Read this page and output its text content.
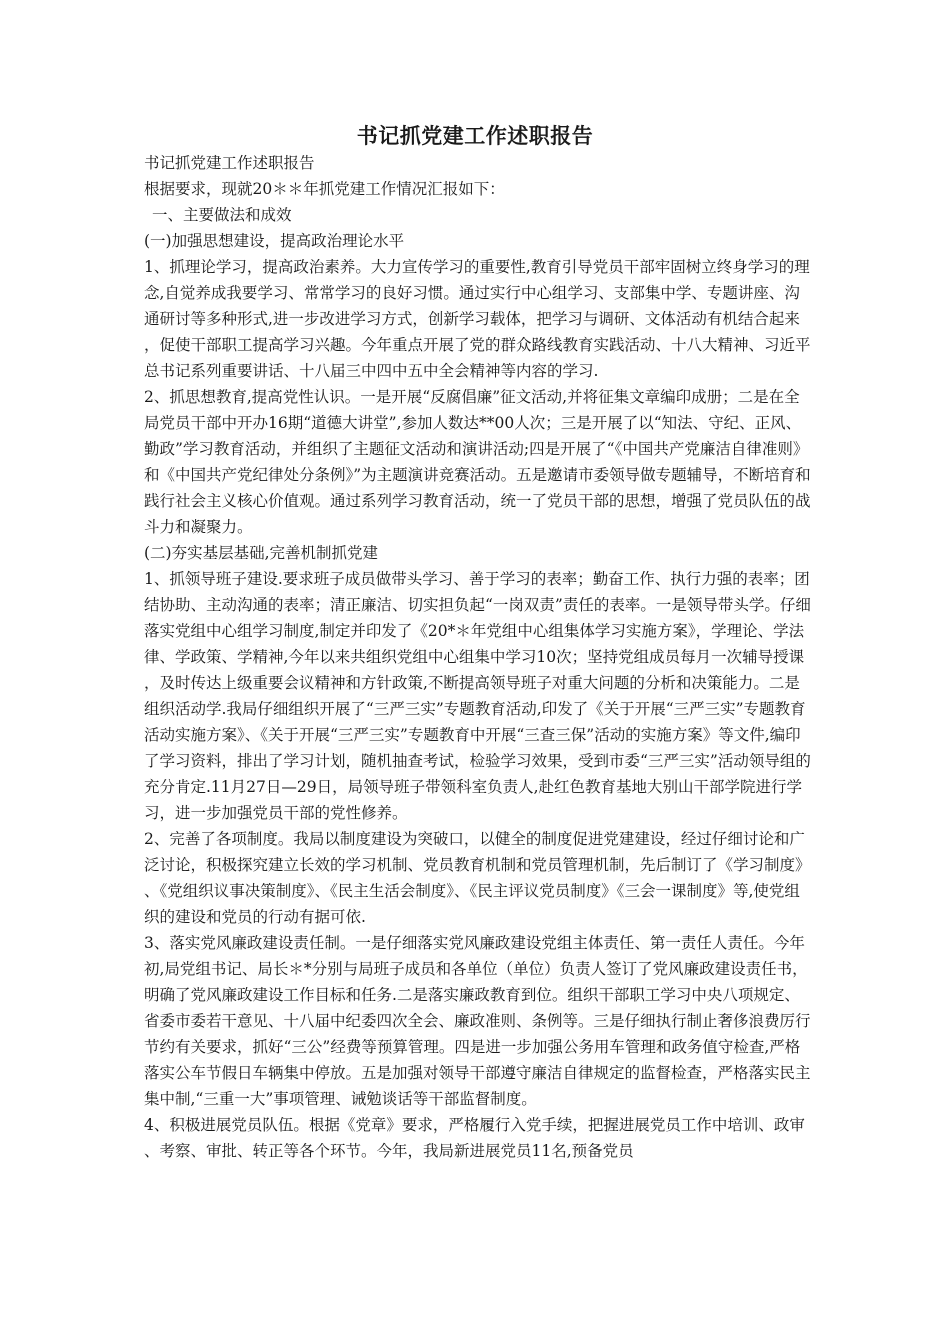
书记抓党建工作述职报告

书记抓党建工作述职报告

根据要求，现就20＊＊年抓党建工作情况汇报如下：

一、主要做法和成效

(一)加强思想建设，提高政治理论水平

1、抓理论学习，提高政治素养。大力宣传学习的重要性,教育引导党员干部牢固树立终身学习的理念,自觉养成我要学习、常常学习的良好习惯。通过实行中心组学习、支部集中学、专题讲座、沟通研讨等多种形式,进一步改进学习方式，创新学习载体，把学习与调研、文体活动有机结合起来，促使干部职工提高学习兴趣。今年重点开展了党的群众路线教育实践活动、十八大精神、习近平总书记系列重要讲话、十八届三中四中五中全会精神等内容的学习.

2、抓思想教育,提高党性认识。一是开展“反腐倡廉”征文活动,并将征集文章编印成册；二是在全局党员干部中开办16期“道德大讲堂”,参加人数达**00人次；三是开展了以“知法、守纪、正风、勤政”学习教育活动，并组织了主题征文活动和演讲活动;四是开展了“《中国共产党廉洁自律准则》和《中国共产党纪律处分条例》”为主题演讲竞赛活动。五是邀请市委领导做专题辅导，不断培育和践行社会主义核心价值观。通过系列学习教育活动，统一了党员干部的思想，增强了党员队伍的战斗力和凝聚力。

(二)夯实基层基础,完善机制抓党建

1、抓领导班子建设.要求班子成员做带头学习、善于学习的表率；勤奋工作、执行力强的表率；团结协助、主动沟通的表率；清正廉洁、切实担负起“一岗双责”责任的表率。一是领导带头学。仔细落实党组中心组学习制度,制定并印发了《20*＊年党组中心组集体学习实施方案》，学理论、学法律、学政策、学精神,今年以来共组织党组中心组集中学习10次；坚持党组成员每月一次辅导授课，及时传达上级重要会议精神和方针政策,不断提高领导班子对重大问题的分析和决策能力。二是组织活动学.我局仔细组织开展了“三严三实”专题教育活动,印发了《关于开展“三严三实”专题教育活动实施方案》、《关于开展“三严三实”专题教育中开展“三查三保”活动的实施方案》等文件,编印了学习资料，排出了学习计划，随机抽查考试，检验学习效果，受到市委“三严三实”活动领导组的充分肯定.11月27日—29日，局领导班子带领科室负责人,赴红色教育基地大别山干部学院进行学习，进一步加强党员干部的党性修养。

2、完善了各项制度。我局以制度建设为突破口，以健全的制度促进党建建设，经过仔细讨论和广泛讨论，积极探究建立长效的学习机制、党员教育机制和党员管理机制，先后制订了《学习制度》、《党组织议事决策制度》、《民主生活会制度》、《民主评议党员制度》《三会一课制度》等,使党组织的建设和党员的行动有据可依.

3、落实党风廉政建设责任制。一是仔细落实党风廉政建设党组主体责任、第一责任人责任。今年初,局党组书记、局长＊*分别与局班子成员和各单位（单位）负责人签订了党风廉政建设责任书，明确了党风廉政建设工作目标和任务.二是落实廉政教育到位。组织干部职工学习中央八项规定、省委市委若干意见、十八届中纪委四次全会、廉政准则、条例等。三是仔细执行制止奢侈浪费厉行节约有关要求，抓好“三公”经费等预算管理。四是进一步加强公务用车管理和政务值守检查,严格落实公车节假日车辆集中停放。五是加强对领导干部遵守廉洁自律规定的监督检查，严格落实民主集中制,“三重一大”事项管理、诫勉谈话等干部监督制度。

4、积极进展党员队伍。根据《党章》要求，严格履行入党手续，把握进展党员工作中培训、政审、考察、审批、转正等各个环节。今年，我局新进展党员11名,预备党员
